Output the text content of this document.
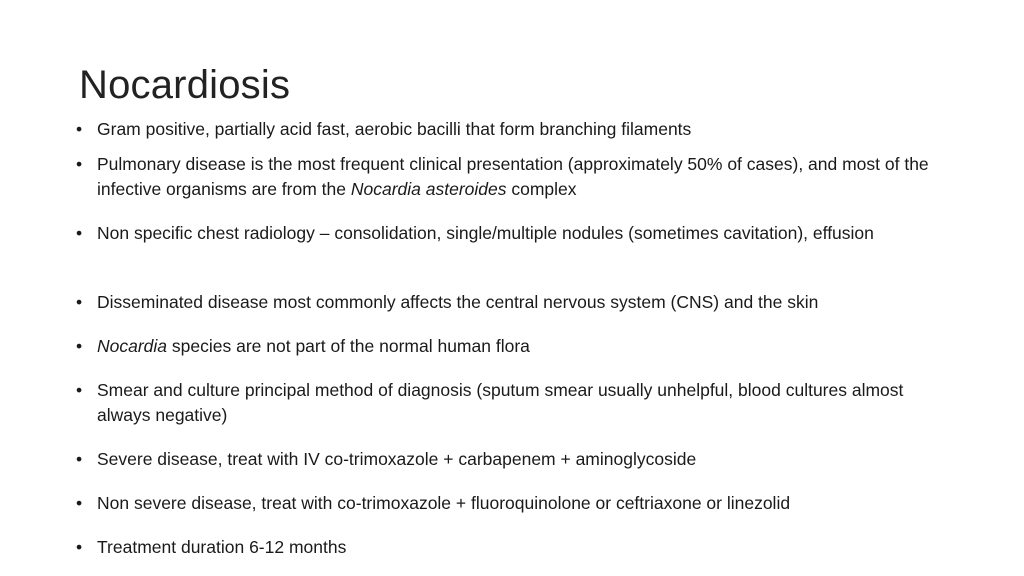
Nocardiosis
• Gram positive, partially acid fast, aerobic bacilli that form branching filaments
• Pulmonary disease is the most frequent clinical presentation (approximately 50% of cases), and most of the infective organisms are from the Nocardia asteroides complex
• Non specific chest radiology – consolidation, single/multiple nodules (sometimes cavitation), effusion
• Disseminated disease most commonly affects the central nervous system (CNS) and the skin
• Nocardia species are not part of the normal human flora
• Smear and culture principal method of diagnosis (sputum smear usually unhelpful, blood cultures almost always negative)
• Severe disease, treat with IV co-trimoxazole + carbapenem + aminoglycoside
• Non severe disease, treat with co-trimoxazole + fluoroquinolone or ceftriaxone or linezolid
• Treatment duration 6-12 months
